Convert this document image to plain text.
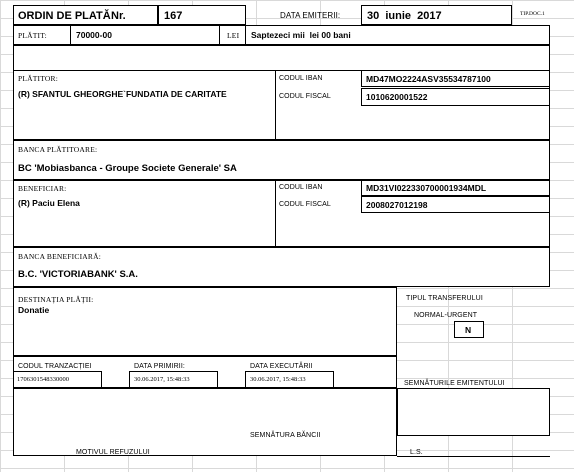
ORDIN DE PLATĂ Nr.	167	DATA EMITERII: 30  iunie  2017	TIP.DOC.1
PLĂTIT:	70000-00	LEI Saptezeci mii  lei 00 bani
PLĂTITOR:
(R) SFANTUL GHEORGHE`FUNDATIA DE CARITATE
CODUL IBAN	MD47MO2224ASV35534787100
CODUL FISCAL	1010620001522
BANCA PLĂTITOARE:
BC 'Mobiasbanca - Groupe Societe Generale' SA
BENEFICIAR:
(R) Paciu Elena
CODUL IBAN	MD31VI022330700001934MDL
CODUL FISCAL	2008027012198
BANCA BENEFICIARĂ:
B.C. 'VICTORIABANK' S.A.
DESTINAȚIA PLĂȚII:
Donatie
TIPUL TRANSFERULUI
NORMAL-URGENT
N
CODUL TRANZACȚIEI
1706301548330000
DATA PRIMIRII:
30.06.2017, 15:48:33
DATA EXECUTĂRII
30.06.2017, 15:48:33
SEMNĂTURILE EMITENTULUI
SEMNĂTURA BĂNCII
MOTIVUL REFUZULUI	L.S.
